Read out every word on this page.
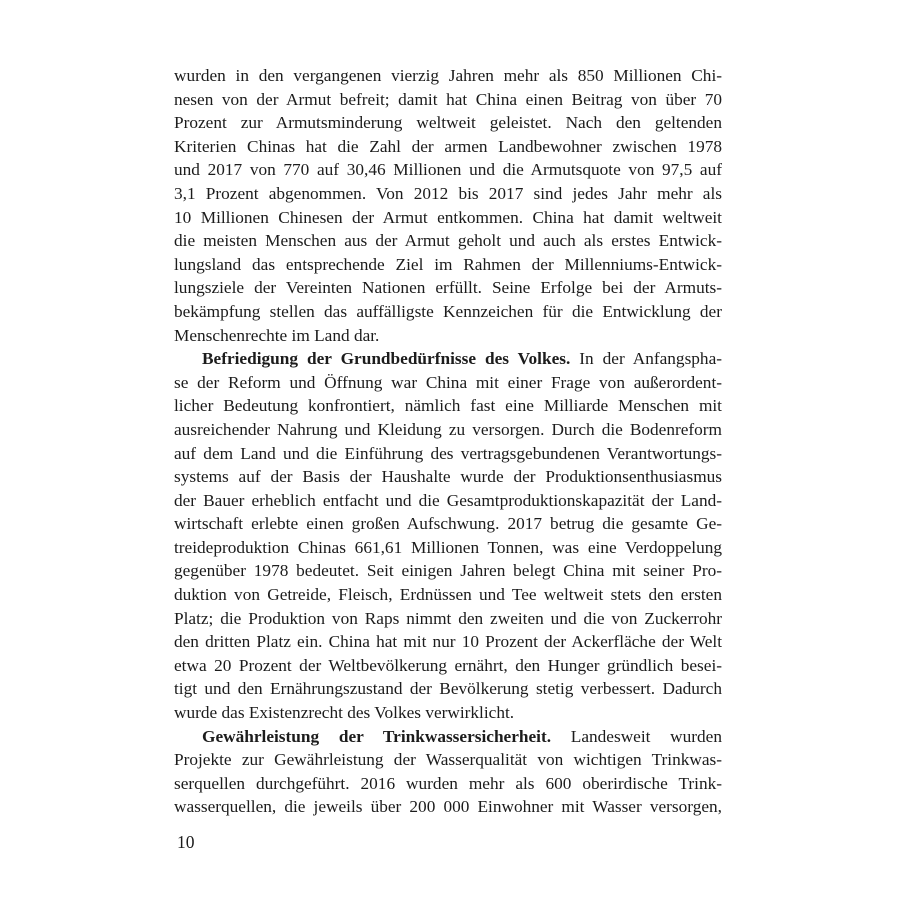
wurden in den vergangenen vierzig Jahren mehr als 850 Millionen Chi-
nesen von der Armut befreit; damit hat China einen Beitrag von über 70
Prozent zur Armutsminderung weltweit geleistet. Nach den geltenden
Kriterien Chinas hat die Zahl der armen Landbewohner zwischen 1978
und 2017 von 770 auf 30,46 Millionen und die Armutsquote von 97,5 auf
3,1 Prozent abgenommen. Von 2012 bis 2017 sind jedes Jahr mehr als
10 Millionen Chinesen der Armut entkommen. China hat damit weltweit
die meisten Menschen aus der Armut geholt und auch als erstes Entwick-
lungsland das entsprechende Ziel im Rahmen der Millenniums-Entwick-
lungsziele der Vereinten Nationen erfüllt. Seine Erfolge bei der Armuts-
bekämpfung stellen das auffälligste Kennzeichen für die Entwicklung der
Menschenrechte im Land dar.
Befriedigung der Grundbedürfnisse des Volkes. In der Anfangspha-
se der Reform und Öffnung war China mit einer Frage von außerordent-
licher Bedeutung konfrontiert, nämlich fast eine Milliarde Menschen mit
ausreichender Nahrung und Kleidung zu versorgen. Durch die Bodenreform
auf dem Land und die Einführung des vertragsgebundenen Verantwortungs-
systems auf der Basis der Haushalte wurde der Produktionsenthusiasmus
der Bauer erheblich entfacht und die Gesamtproduktionskapazität der Land-
wirtschaft erlebte einen großen Aufschwung. 2017 betrug die gesamte Ge-
treideproduktion Chinas 661,61 Millionen Tonnen, was eine Verdoppelung
gegenüber 1978 bedeutet. Seit einigen Jahren belegt China mit seiner Pro-
duktion von Getreide, Fleisch, Erdnüssen und Tee weltweit stets den ersten
Platz; die Produktion von Raps nimmt den zweiten und die von Zuckerrohr
den dritten Platz ein. China hat mit nur 10 Prozent der Ackerfläche der Welt
etwa 20 Prozent der Weltbevölkerung ernährt, den Hunger gründlich besei-
tigt und den Ernährungszustand der Bevölkerung stetig verbessert. Dadurch
wurde das Existenzrecht des Volkes verwirklicht.
Gewährleistung der Trinkwassersicherheit. Landesweit wurden
Projekte zur Gewährleistung der Wasserqualität von wichtigen Trinkwas-
serquellen durchgeführt. 2016 wurden mehr als 600 oberirdische Trink-
wasserquellen, die jeweils über 200 000 Einwohner mit Wasser versorgen,
10
